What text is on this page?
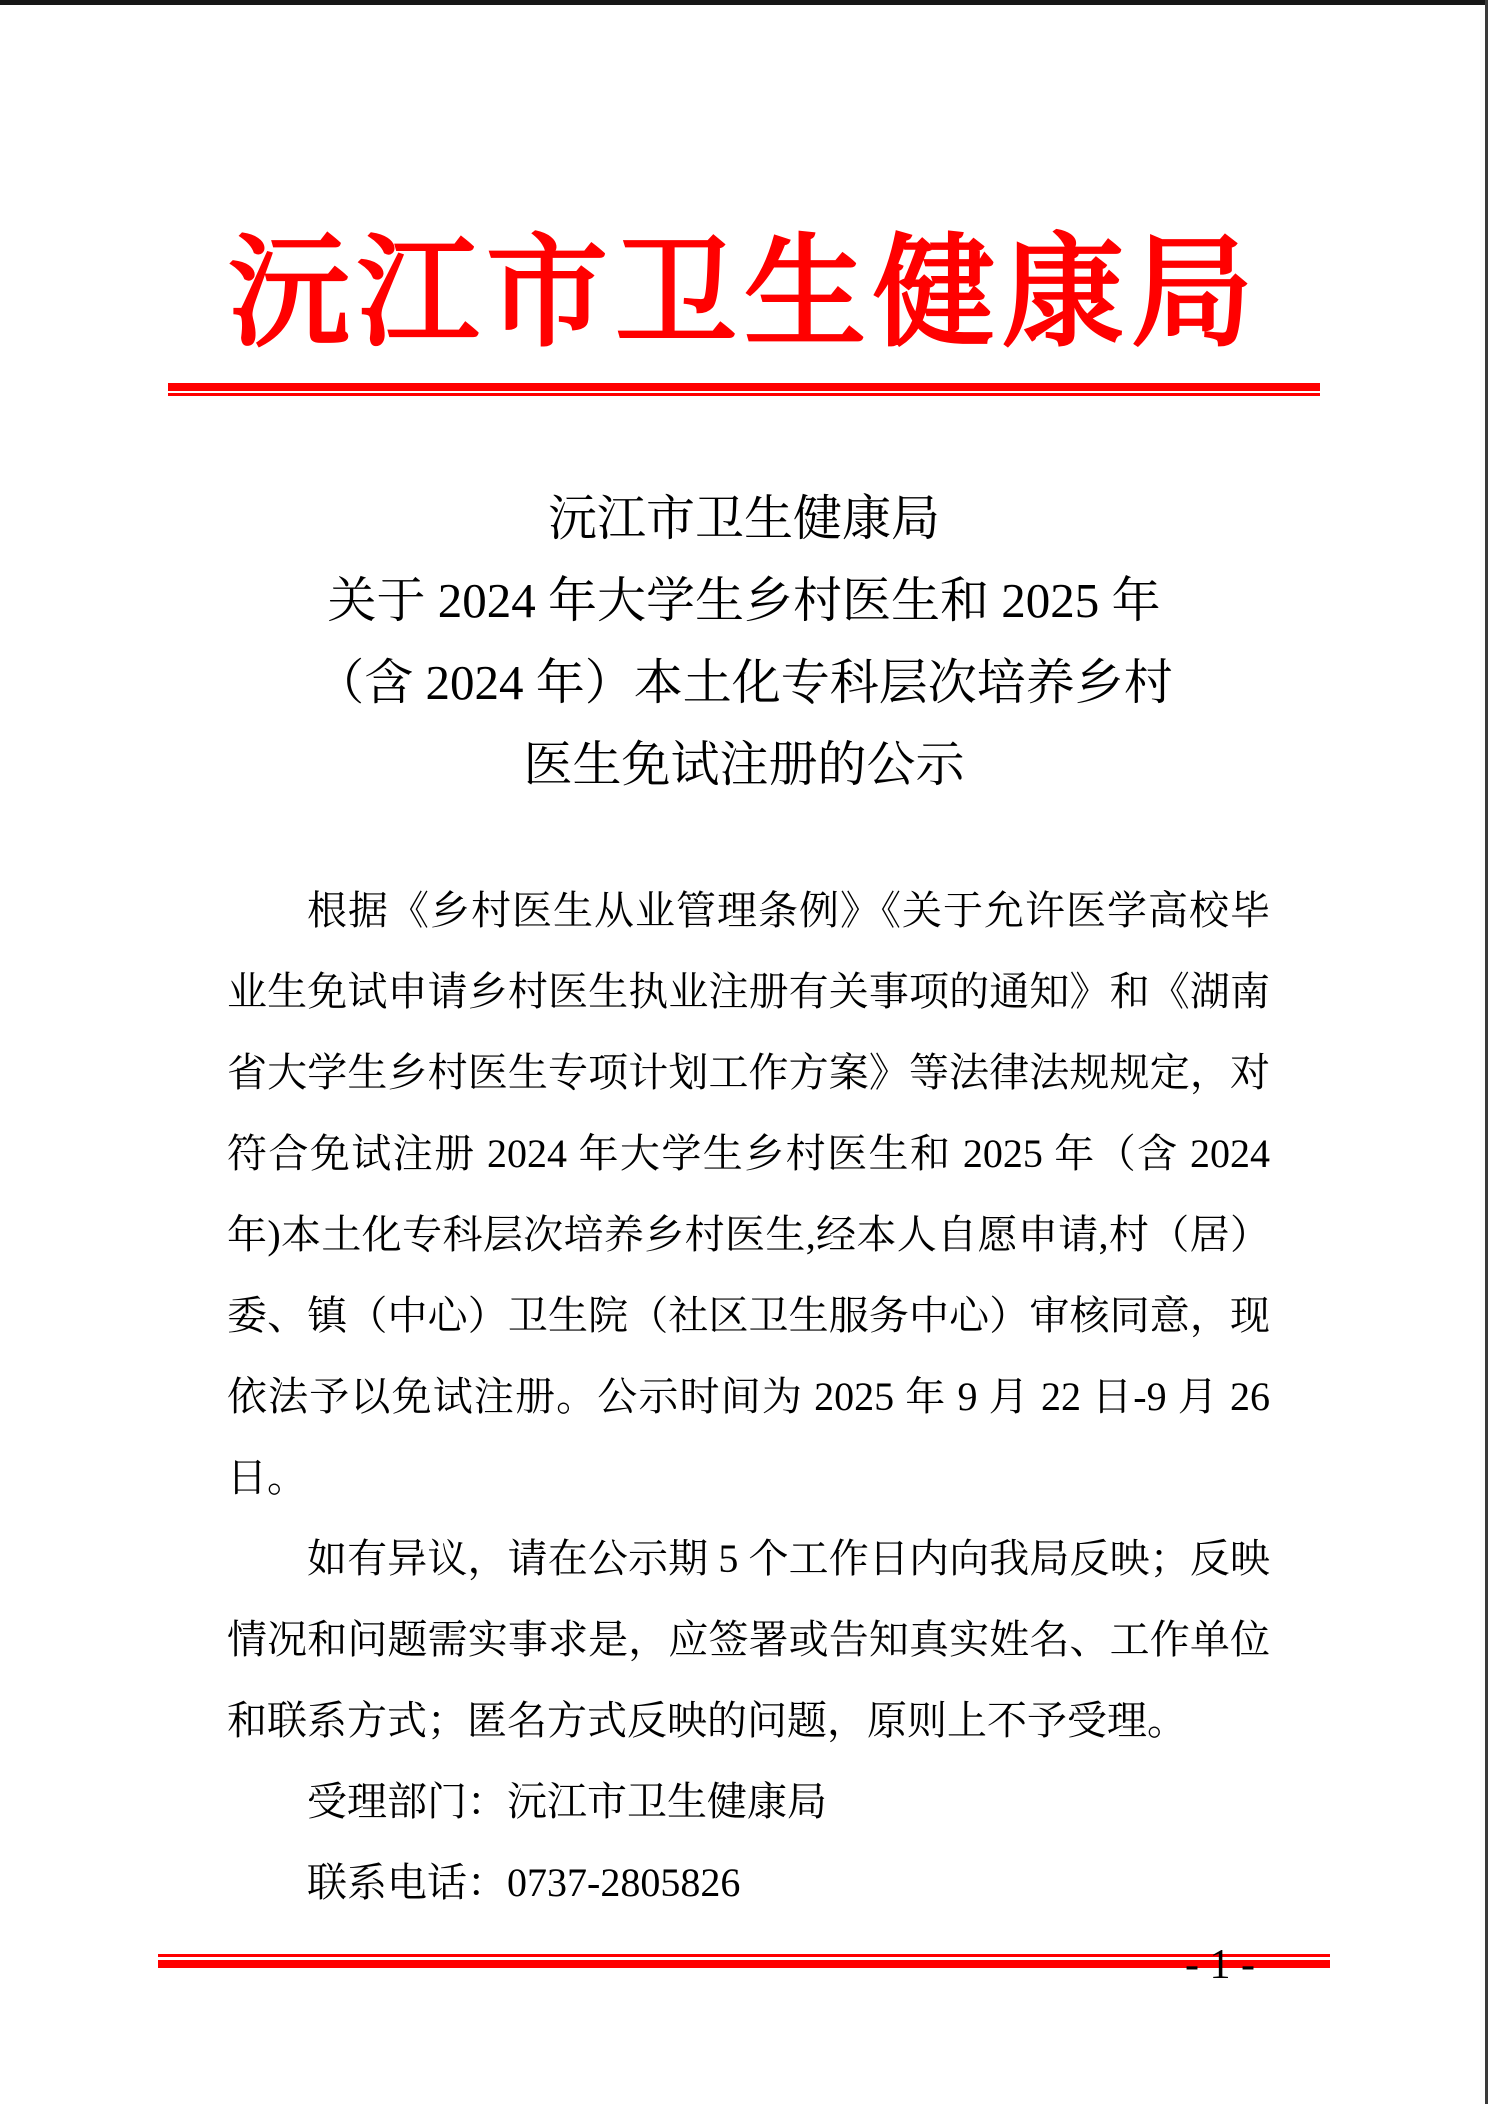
沅江市卫生健康局
沅江市卫生健康局
关于 2024 年大学生乡村医生和 2025 年
（含 2024 年）本土化专科层次培养乡村
医生免试注册的公示
根据《乡村医生从业管理条例》《关于允许医学高校毕
业生免试申请乡村医生执业注册有关事项的通知》和《湖南
省大学生乡村医生专项计划工作方案》等法律法规规定，对
符合免试注册 2024 年大学生乡村医生和 2025 年（含 2024
年)本土化专科层次培养乡村医生,经本人自愿申请,村（居）
委、镇（中心）卫生院（社区卫生服务中心）审核同意，现
依法予以免试注册。公示时间为 2025 年 9 月 22 日-9 月 26
日。
如有异议，请在公示期 5 个工作日内向我局反映；反映
情况和问题需实事求是，应签署或告知真实姓名、工作单位
和联系方式；匿名方式反映的问题，原则上不予受理。
受理部门：沅江市卫生健康局
联系电话：0737-2805826
- 1 -
